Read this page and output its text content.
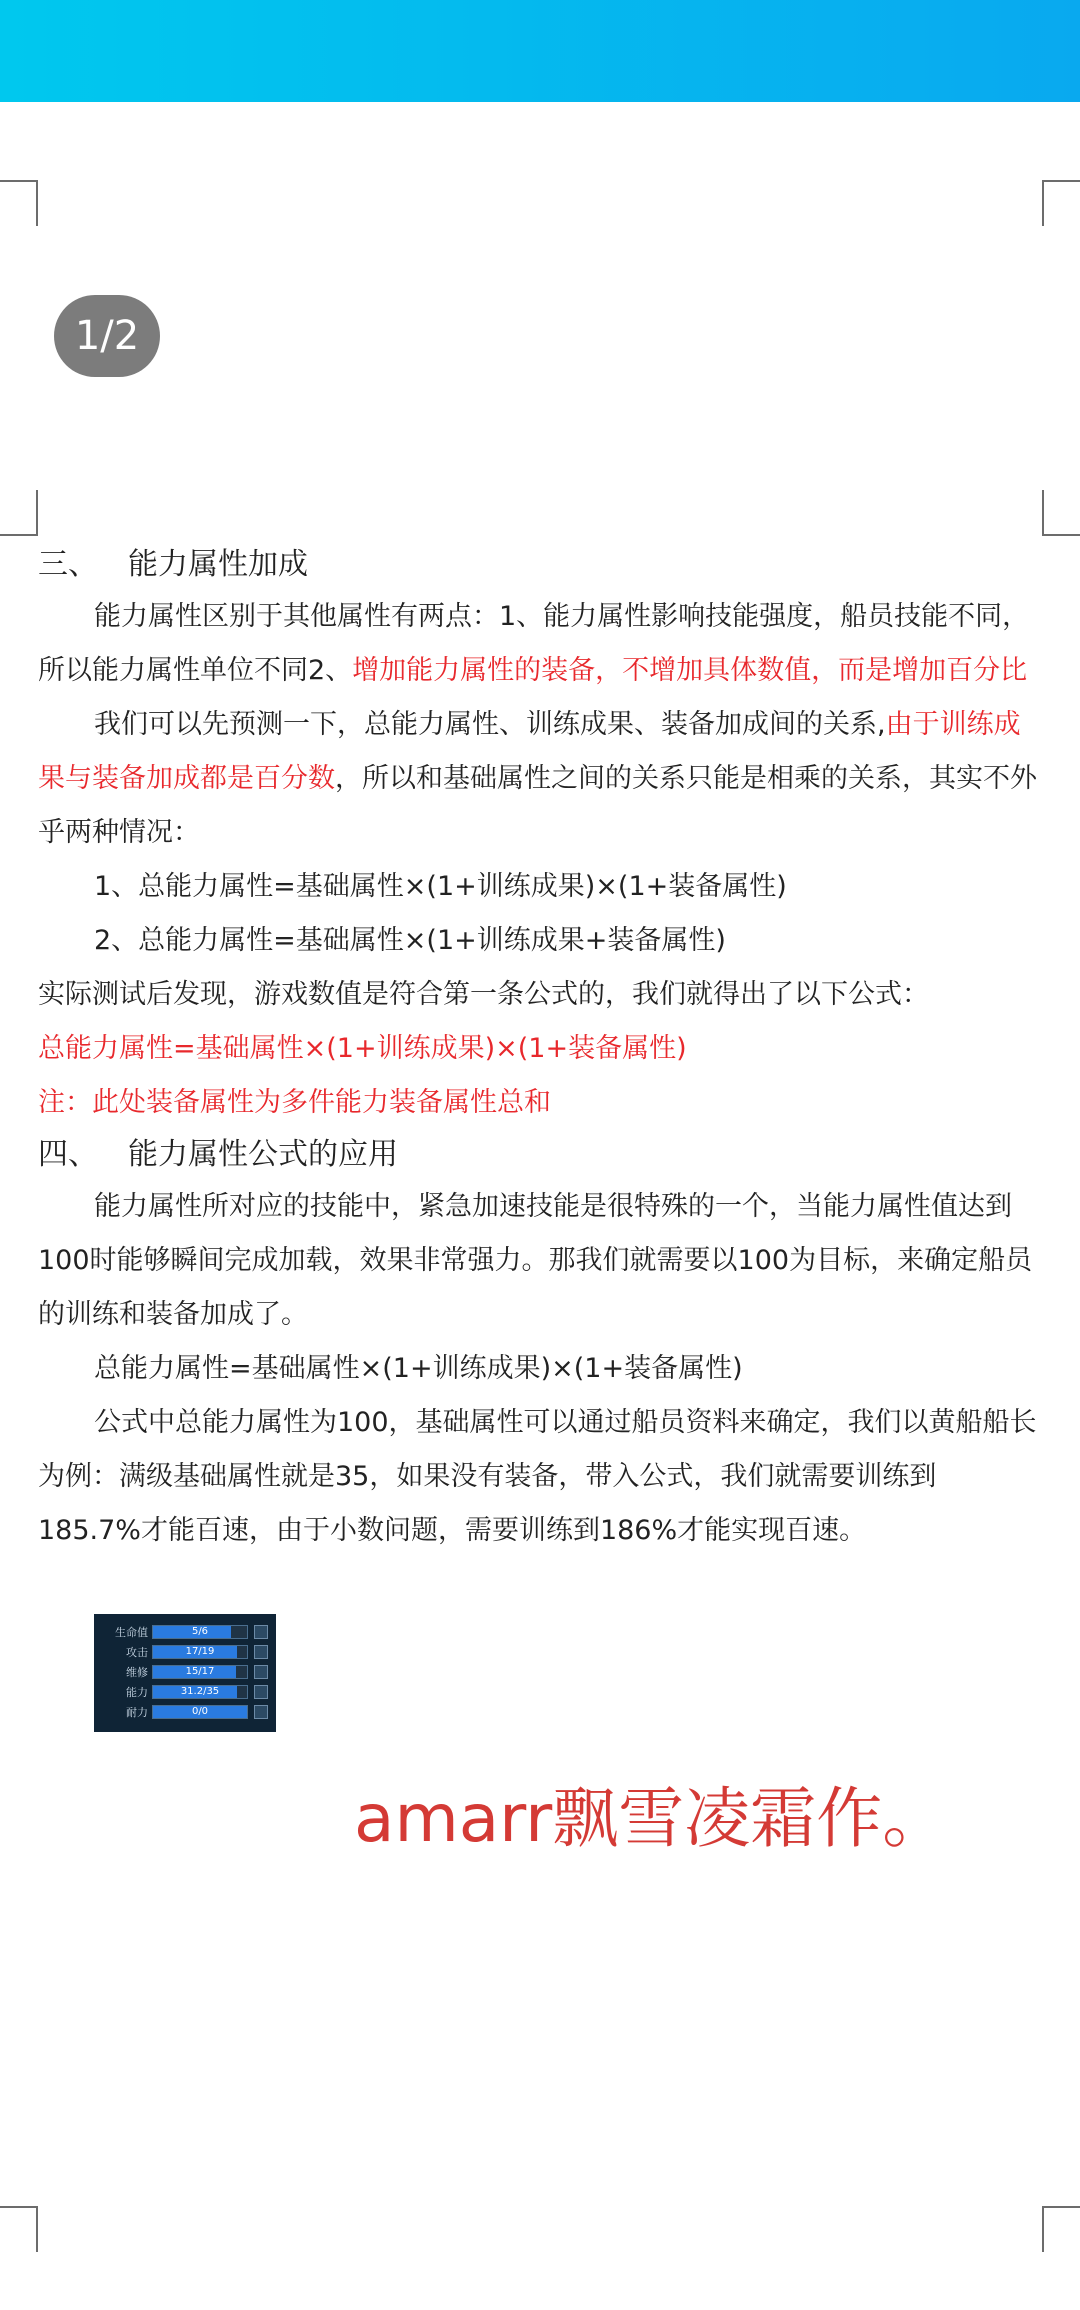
1/2
三、 能力属性加成

能力属性区别于其他属性有两点：1、能力属性影响技能强度，船员技能不同，所以能力属性单位不同2、增加能力属性的装备，不增加具体数值，而是增加百分比

我们可以先预测一下，总能力属性、训练成果、装备加成间的关系,由于训练成果与装备加成都是百分数，所以和基础属性之间的关系只能是相乘的关系，其实不外乎两种情况：

1、总能力属性=基础属性×(1+训练成果)×(1+装备属性)

2、总能力属性=基础属性×(1+训练成果+装备属性)

实际测试后发现，游戏数值是符合第一条公式的，我们就得出了以下公式：

总能力属性=基础属性×(1+训练成果)×(1+装备属性)

注：此处装备属性为多件能力装备属性总和

四、 能力属性公式的应用

能力属性所对应的技能中，紧急加速技能是很特殊的一个，当能力属性值达到100时能够瞬间完成加载，效果非常强力。那我们就需要以100为目标，来确定船员的训练和装备加成了。

总能力属性=基础属性×(1+训练成果)×(1+装备属性)

公式中总能力属性为100，基础属性可以通过船员资料来确定，我们以黄船船长为例：满级基础属性就是35，如果没有装备，带入公式，我们就需要训练到185.7%才能百速，由于小数问题，需要训练到186%才能实现百速。

生命值	5/6
攻击	17/19
维修	15/17
能力	31.2/35
耐力	0/0
amarr飘雪凌霜作。
